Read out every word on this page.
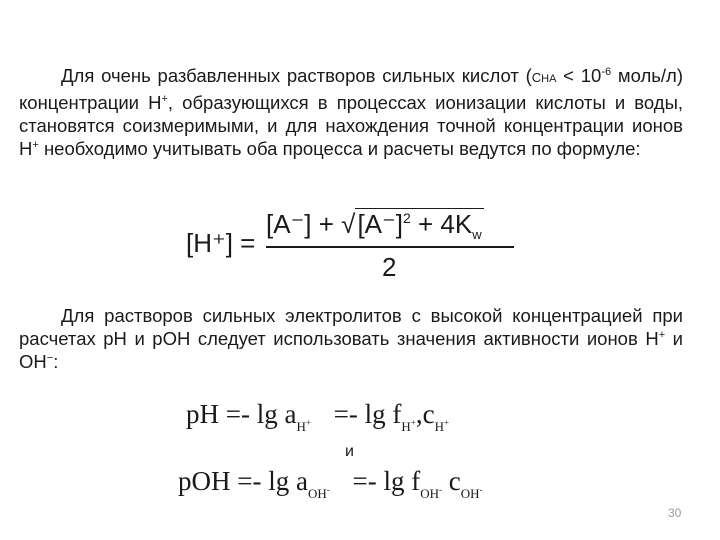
Для очень разбавленных растворов сильных кислот ($CHA < 10^{-6}$ моль/л) концентрации H+, образующихся в процессах ионизации кислоты и воды, становятся соизмеримыми, и для нахождения точной концентрации ионов H+ необходимо учитывать оба процесса и расчеты ведутся по формуле:
[H⁺] =
$[A^-] + √[A^-]^2 + 4K_w$
2
Для растворов сильных электролитов с высокой концентрацией при расчетах pH и pOH следует использовать значения активности ионов H+ и OH−:
pH =- $\lg a_{H^+} =- \lg f_{H^+},c_{H^+}$
и
pOH =- $\lg a_{OH^-} =- \lg f_{OH^-}$ $c_{OH^-}$
30
